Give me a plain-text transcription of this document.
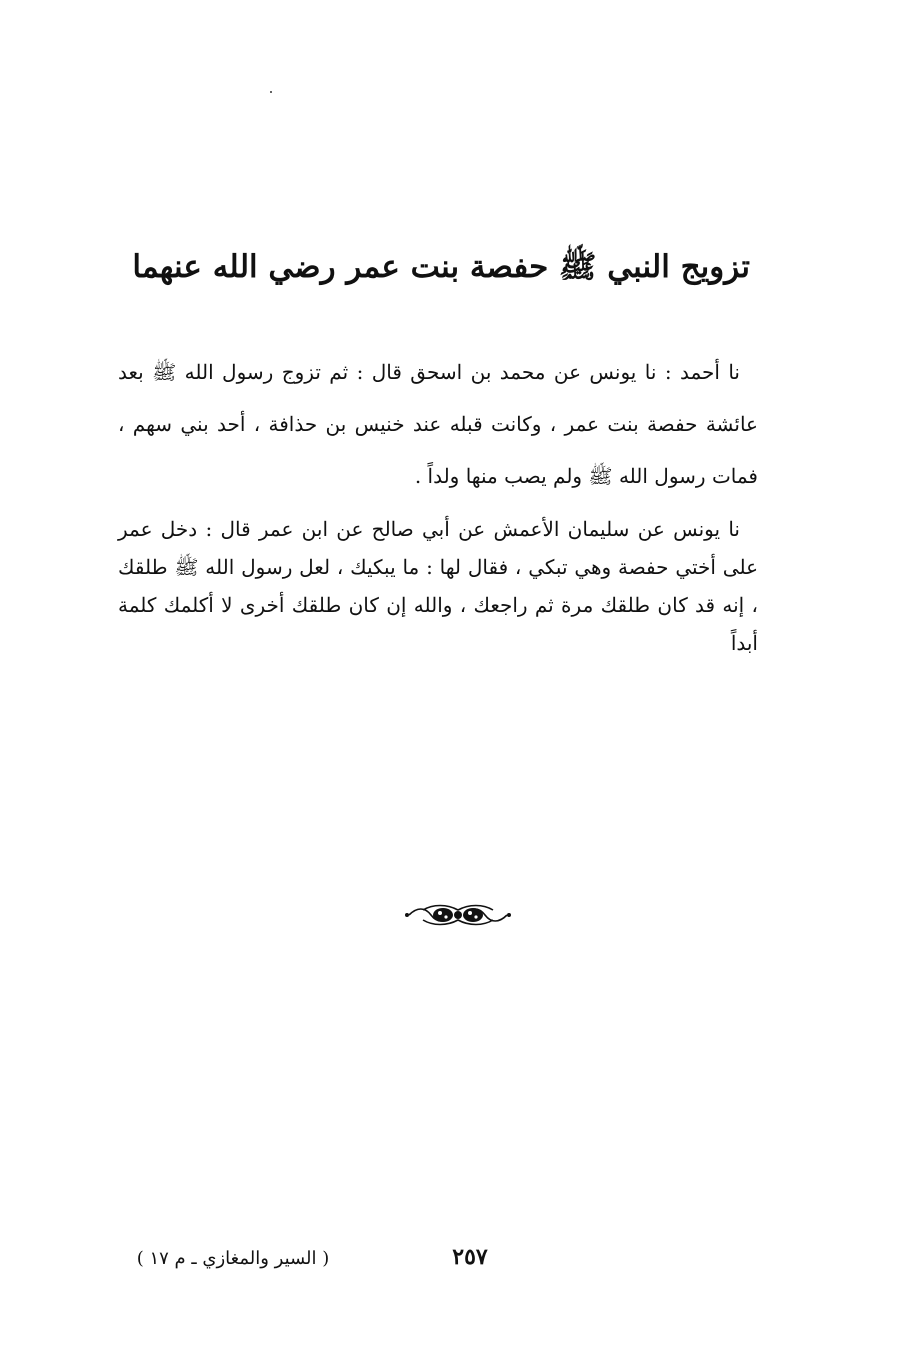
تزويج النبي ﷺ حفصة بنت عمر رضي الله عنهما

نا أحمد : نا يونس عن محمد بن اسحق قال : ثم تزوج رسول الله ﷺ بعد عائشة حفصة بنت عمر ، وكانت قبله عند خنيس بن حذافة ، أحد بني سهم ، فمات رسول الله ﷺ ولم يصب منها ولداً .

نا يونس عن سليمان الأعمش عن أبي صالح عن ابن عمر قال : دخل عمر على أختي حفصة وهي تبكي ، فقال لها : ما يبكيك ، لعل رسول الله ﷺ طلقك ، إنه قد كان طلقك مرة ثم راجعك ، والله إن كان طلقك أخرى لا أكلمك كلمة أبداً

٢٥٧
( السير والمغازي ـ م ١٧ )
